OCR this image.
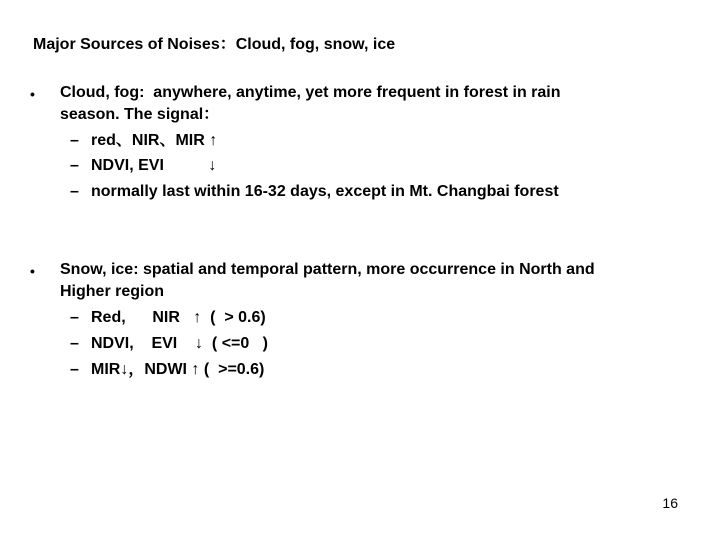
Major Sources of Noises：Cloud, fog, snow, ice
• Cloud, fog:  anywhere, anytime, yet more frequent in forest in rain
season. The signal：
– red、NIR、MIR ↑
– NDVI, EVI          ↓
– normally last within 16-32 days, except in Mt. Changbai forest
• Snow, ice: spatial and temporal pattern, more occurrence in North and
Higher region
– Red,      NIR   ↑  (  > 0.6)
– NDVI,    EVI    ↓  ( <=0   )
– MIR↓，NDWI ↑ (  >=0.6)
16
